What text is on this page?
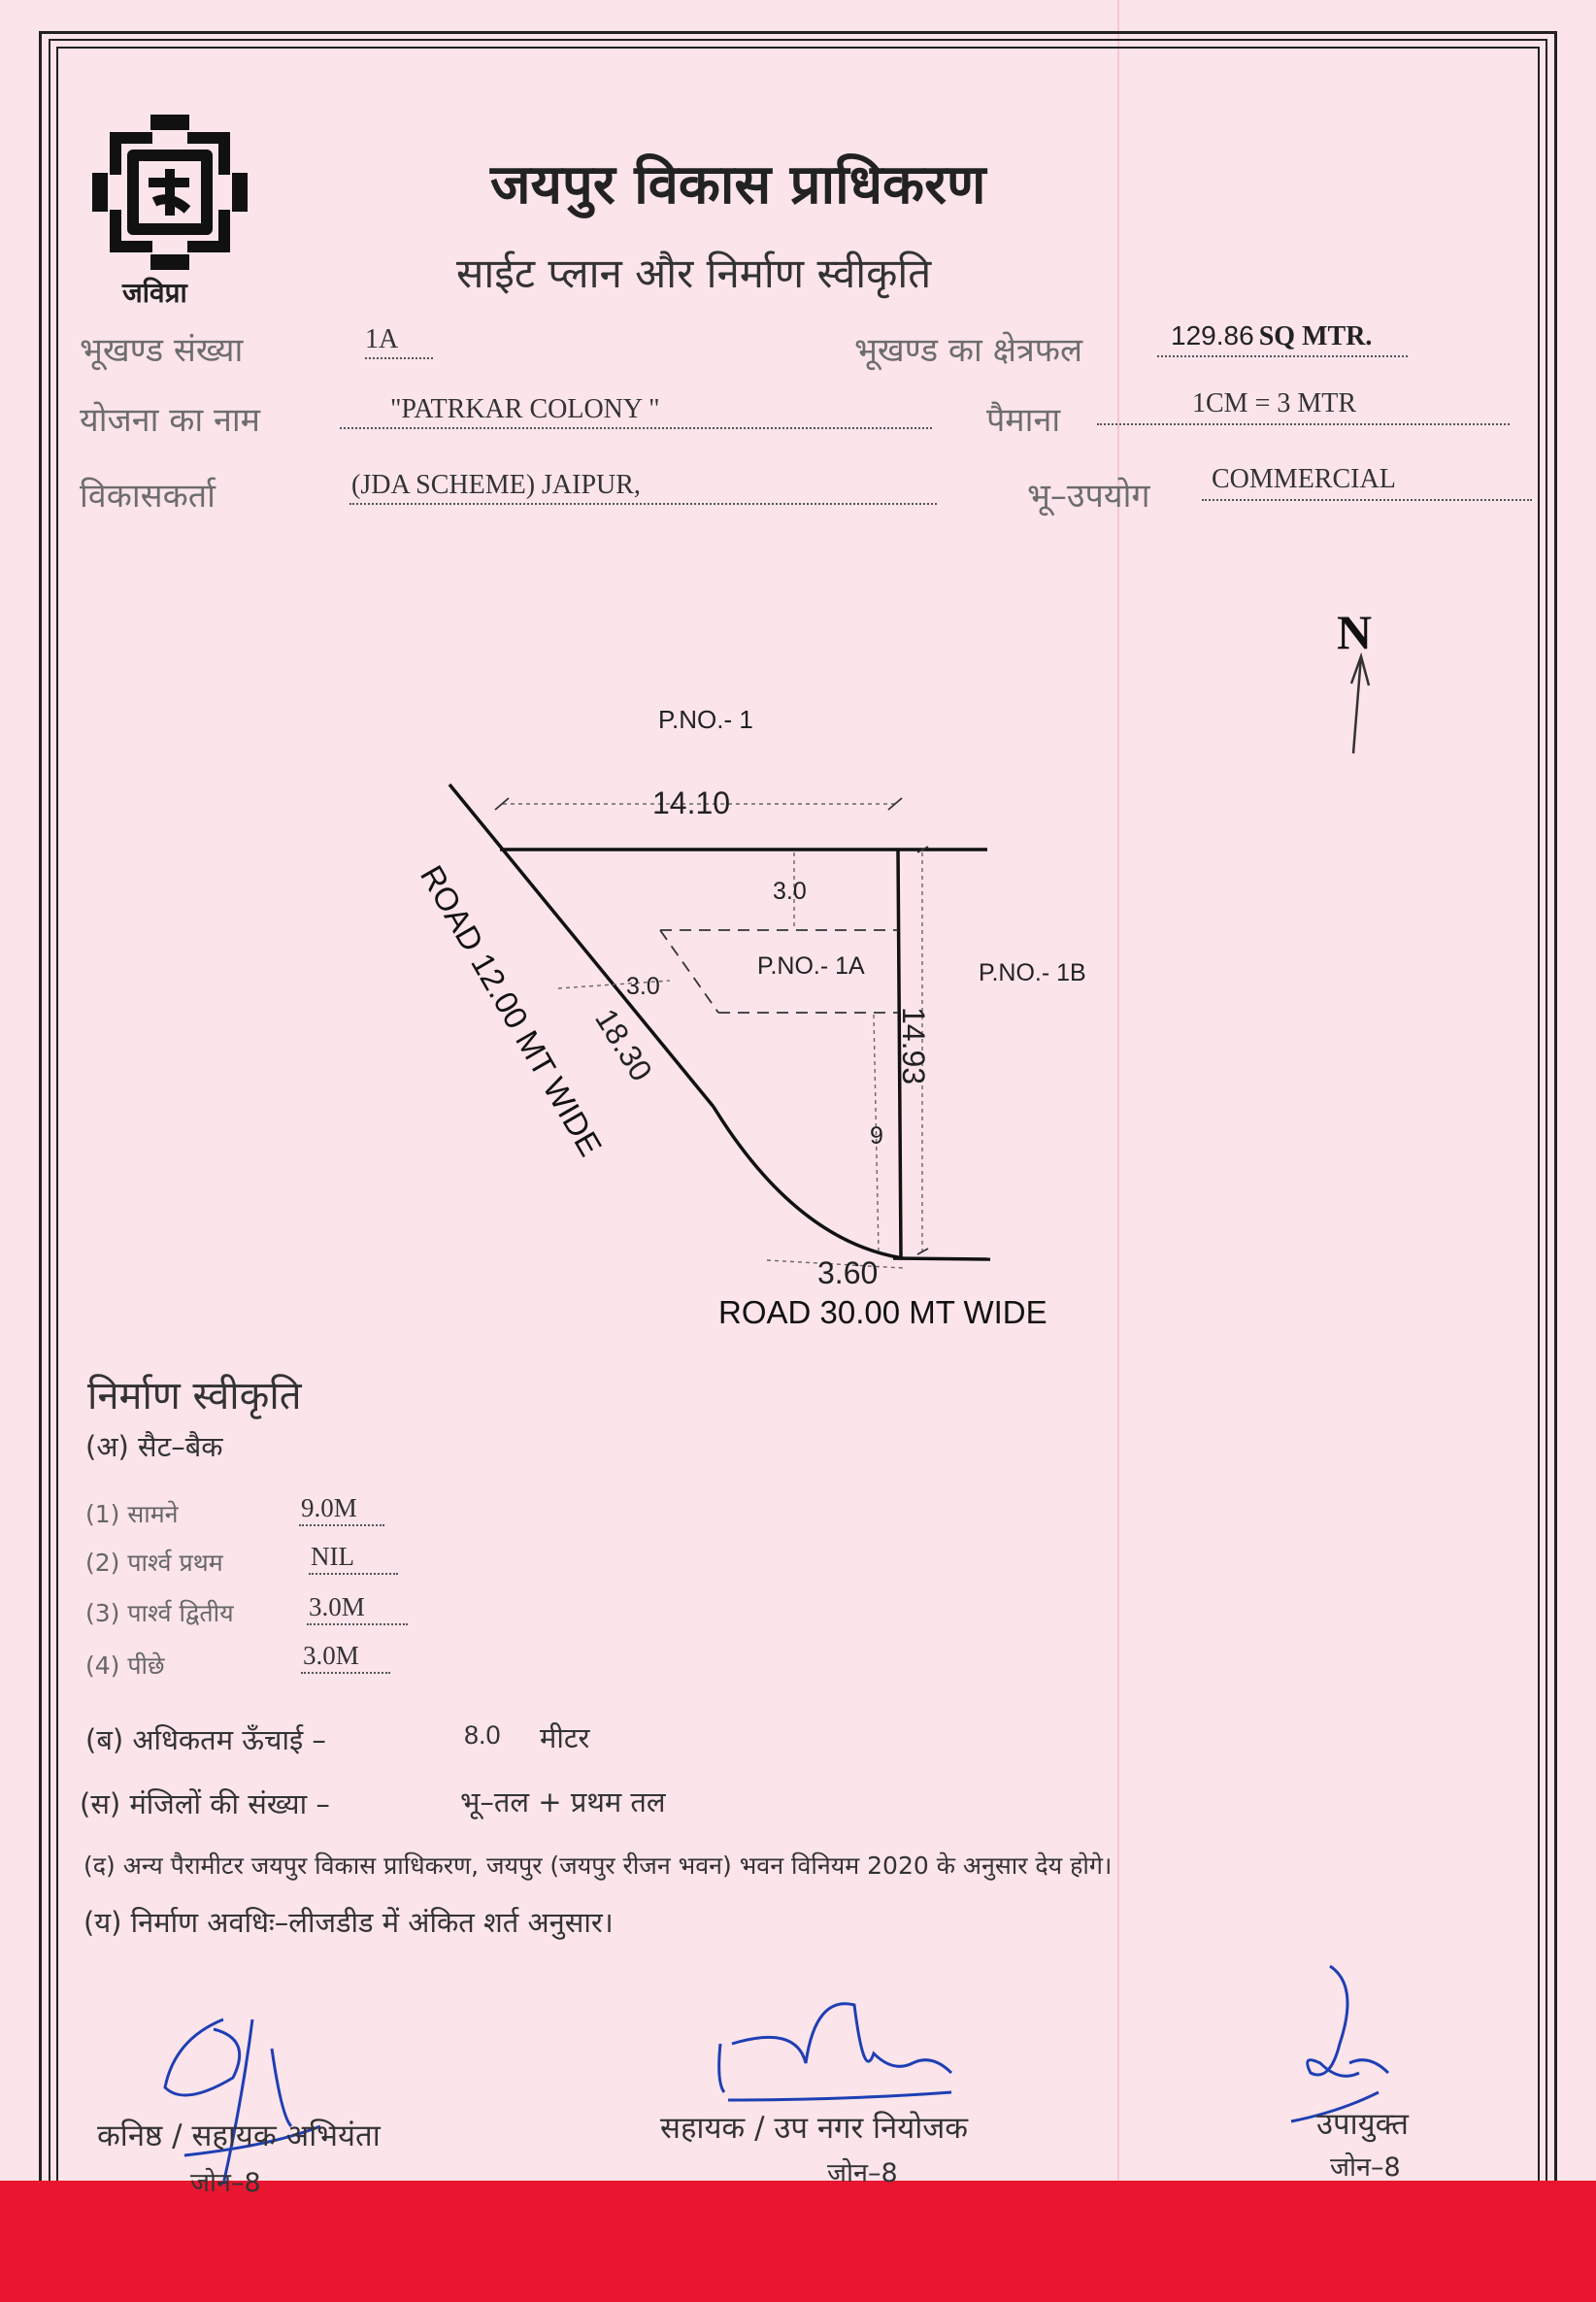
जविप्रा
जयपुर विकास प्राधिकरण
साईट प्लान और निर्माण स्वीकृति
भूखण्ड संख्या	1A	भूखण्ड का क्षेत्रफल	129.86 SQ MTR.
योजना का नाम	"PATRKAR COLONY "	पैमाना	1CM = 3 MTR
विकासकर्ता	(JDA SCHEME) JAIPUR,	भू–उपयोग COMMERCIAL
N
P.NO.- 1
14.10
3.0
P.NO.- 1A	P.NO.- 1B
3.0
18.30	14.93
9
3.60
ROAD 12.00 MT WIDE
ROAD 30.00 MT WIDE
निर्माण स्वीकृति
(अ) सैट–बैक
(1) सामने	9.0M
(2) पार्श्व प्रथम	NIL
(3) पार्श्व द्वितीय	3.0M
(4) पीछे	3.0M
(ब) अधिकतम ऊँचाई –	8.0 मीटर
(स) मंजिलों की संख्या –	भू–तल + प्रथम तल
(द) अन्य पैरामीटर जयपुर विकास प्राधिकरण, जयपुर (जयपुर रीजन भवन) भवन विनियम 2020 के अनुसार देय होगे।
(य) निर्माण अवधिः–लीजडीड में अंकित शर्त अनुसार।
कनिष्ठ / सहायक अभियंता
जोन–8
सहायक / उप नगर नियोजक
जोन–8
उपायुक्त
जोन–8
